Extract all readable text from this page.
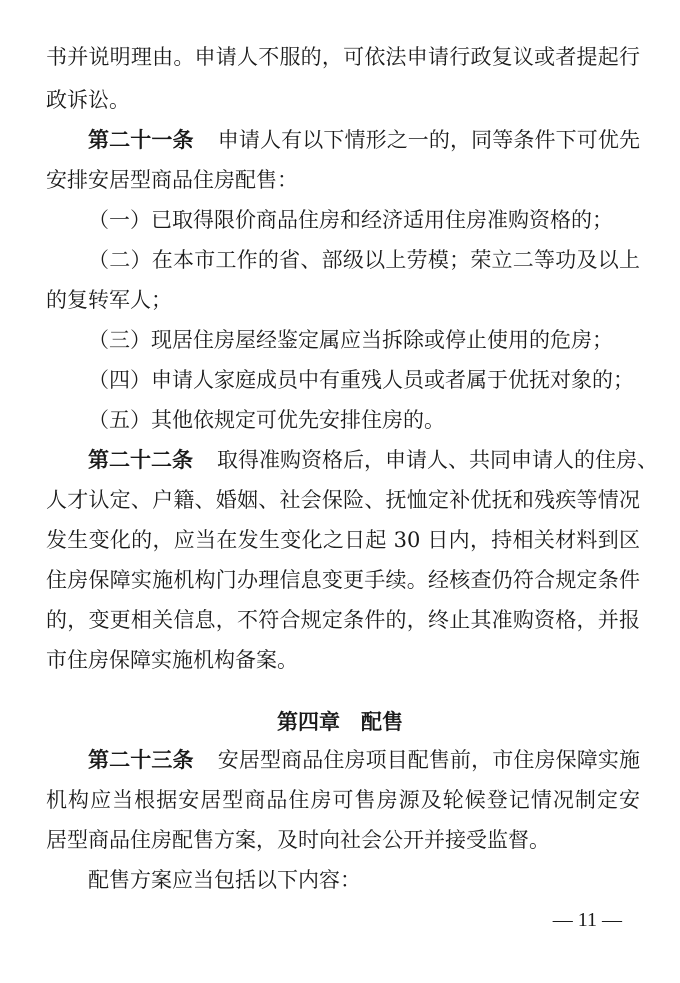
书并说明理由。申请人不服的，可依法申请行政复议或者提起行
政诉讼。
第二十一条 申请人有以下情形之一的，同等条件下可优先
安排安居型商品住房配售：
（一）已取得限价商品住房和经济适用住房准购资格的；
（二）在本市工作的省、部级以上劳模；荣立二等功及以上
的复转军人；
（三）现居住房屋经鉴定属应当拆除或停止使用的危房；
（四）申请人家庭成员中有重残人员或者属于优抚对象的；
（五）其他依规定可优先安排住房的。
第二十二条 取得准购资格后，申请人、共同申请人的住房、
人才认定、户籍、婚姻、社会保险、抚恤定补优抚和残疾等情况
发生变化的，应当在发生变化之日起 30 日内，持相关材料到区
住房保障实施机构门办理信息变更手续。经核查仍符合规定条件
的，变更相关信息，不符合规定条件的，终止其准购资格，并报
市住房保障实施机构备案。
第四章　配售
第二十三条 安居型商品住房项目配售前，市住房保障实施
机构应当根据安居型商品住房可售房源及轮候登记情况制定安
居型商品住房配售方案，及时向社会公开并接受监督。
配售方案应当包括以下内容：
— 11 —
